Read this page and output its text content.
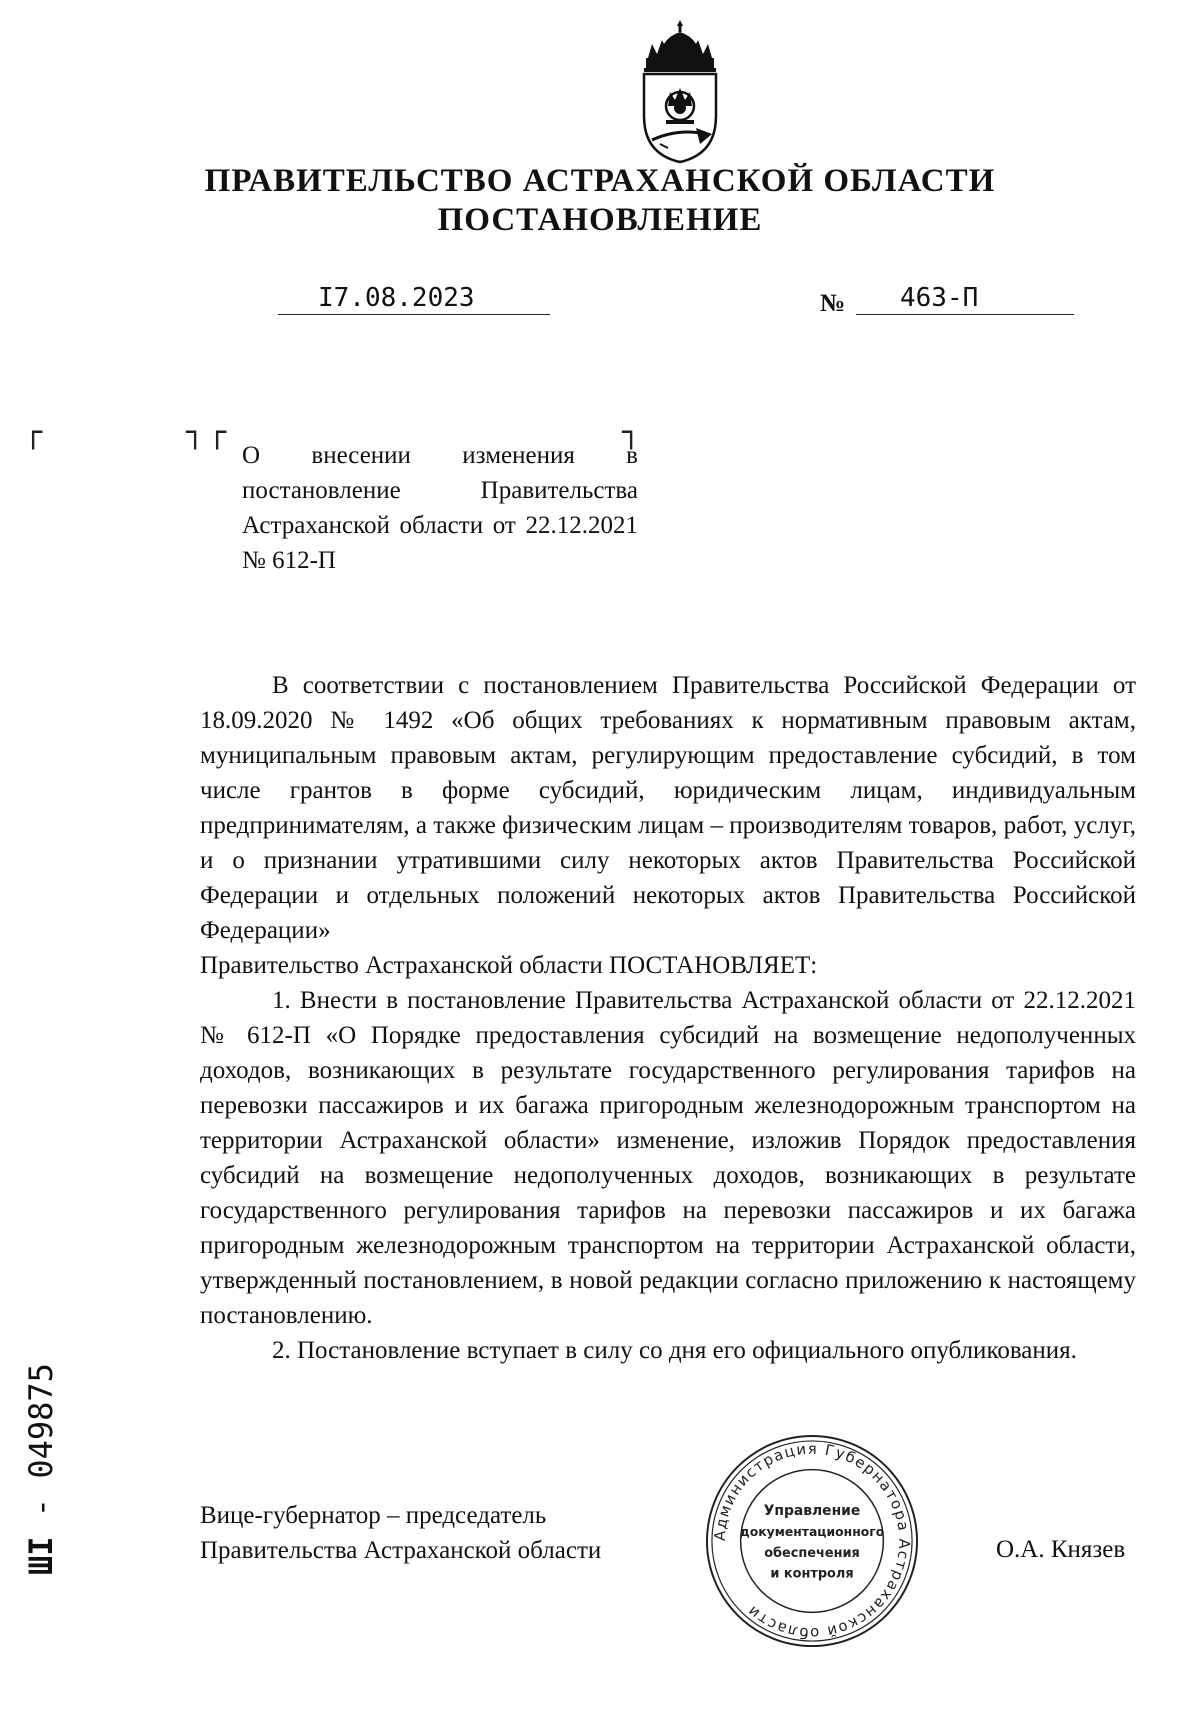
ПРАВИТЕЛЬСТВО АСТРАХАНСКОЙ ОБЛАСТИ
ПОСТАНОВЛЕНИЕ
I7.08.2023	№ 463-П
┌	┐ ┌	┐
О внесении изменения в постановление Правительства Астраханской области от 22.12.2021 № 612-П

В соответствии с постановлением Правительства Российской Федерации от 18.09.2020 № 1492 «Об общих требованиях к нормативным правовым актам, муниципальным правовым актам, регулирующим предоставление субсидий, в том числе грантов в форме субсидий, юридическим лицам, индивидуальным предпринимателям, а также физическим лицам – производителям товаров, работ, услуг, и о признании утратившими силу некоторых актов Правительства Российской Федерации и отдельных положений некоторых актов Правительства Российской Федерации»

Правительство Астраханской области ПОСТАНОВЛЯЕТ:

1. Внести в постановление Правительства Астраханской области от 22.12.2021 № 612-П «О Порядке предоставления субсидий на возмещение недополученных доходов, возникающих в результате государственного регулирования тарифов на перевозки пассажиров и их багажа пригородным железнодорожным транспортом на территории Астраханской области» изменение, изложив Порядок предоставления субсидий на возмещение недополученных доходов, возникающих в результате государственного регулирования тарифов на перевозки пассажиров и их багажа пригородным железнодорожным транспортом на территории Астраханской области, утвержденный постановлением, в новой редакции согласно приложению к настоящему постановлению.

2. Постановление вступает в силу со дня его официального опубликования.

Вице-губернатор – председатель
Правительства Астраханской области	О.А. Князев
Администрация Губернатора Астраханской области
Управление
документационного
обеспечения
и контроля
ШI - 049875
